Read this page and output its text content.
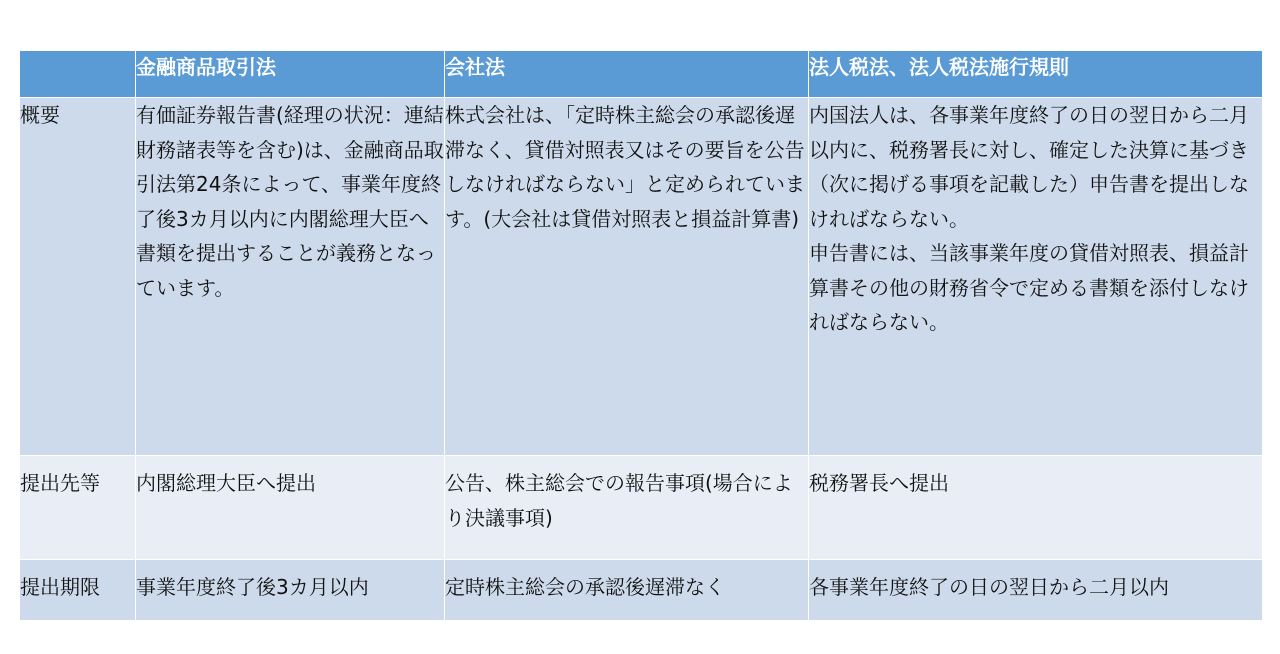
	金融商品取引法	会社法	法人税法、法人税法施行規則
概要	有価証券報告書(経理の状況：連結財務諸表等を含む)は、金融商品取引法第24条によって、事業年度終了後3カ月以内に内閣総理大臣へ書類を提出することが義務となっています。	株式会社は、「定時株主総会の承認後遅滞なく、貸借対照表又はその要旨を公告しなければならない」と定められています。(大会社は貸借対照表と損益計算書)	内国法人は、各事業年度終了の日の翌日から二月以内に、税務署長に対し、確定した決算に基づき（次に掲げる事項を記載した）申告書を提出しなければならない。
申告書には、当該事業年度の貸借対照表、損益計算書その他の財務省令で定める書類を添付しなければならない。

提出先等	内閣総理大臣へ提出	公告、株主総会での報告事項(場合により決議事項)	税務署長へ提出

提出期限	事業年度終了後3カ月以内	定時株主総会の承認後遅滞なく	各事業年度終了の日の翌日から二月以内
